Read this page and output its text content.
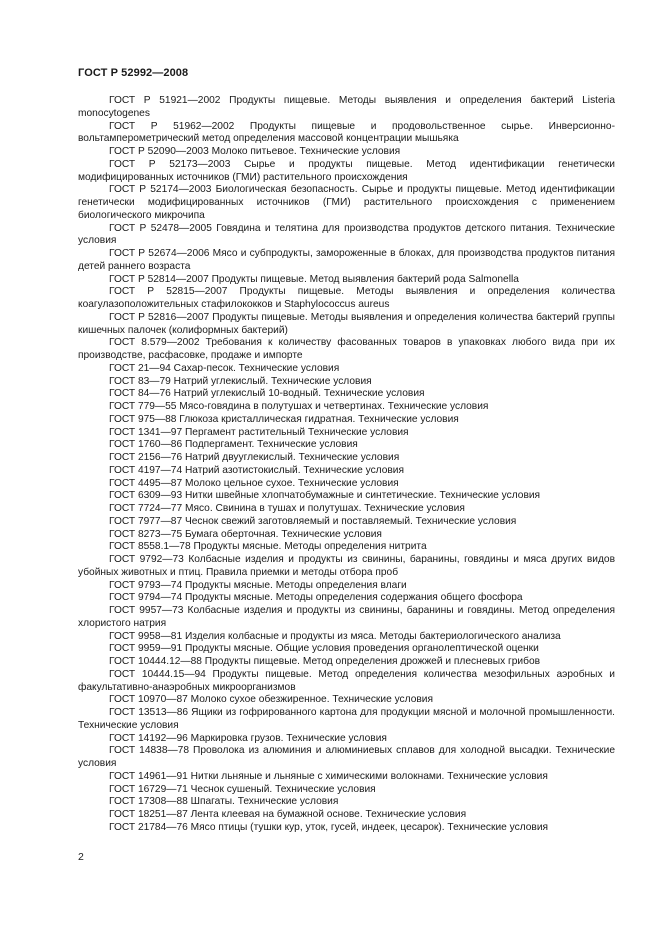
ГОСТ Р 52992—2008

ГОСТ Р 51921—2002 Продукты пищевые. Методы выявления и определения бактерий Listeria monocytogenes

ГОСТ Р 51962—2002 Продукты пищевые и продовольственное сырье. Инверсионно-вольтамперометрический метод определения массовой концентрации мышьяка

ГОСТ Р 52090—2003 Молоко питьевое. Технические условия

ГОСТ Р 52173—2003 Сырье и продукты пищевые. Метод идентификации генетически модифицированных источников (ГМИ) растительного происхождения

ГОСТ Р 52174—2003 Биологическая безопасность. Сырье и продукты пищевые. Метод идентификации генетически модифицированных источников (ГМИ) растительного происхождения с применением биологического микрочипа

ГОСТ Р 52478—2005 Говядина и телятина для производства продуктов детского питания. Технические условия

ГОСТ Р 52674—2006 Мясо и субпродукты, замороженные в блоках, для производства продуктов питания детей раннего возраста

ГОСТ Р 52814—2007 Продукты пищевые. Метод выявления бактерий рода Salmonella

ГОСТ Р 52815—2007 Продукты пищевые. Методы выявления и определения количества коагулазоположительных стафилококков и Staphylococcus aureus

ГОСТ Р 52816—2007 Продукты пищевые. Методы выявления и определения количества бактерий группы кишечных палочек (колиформных бактерий)

ГОСТ 8.579—2002 Требования к количеству фасованных товаров в упаковках любого вида при их производстве, расфасовке, продаже и импорте

ГОСТ 21—94 Сахар-песок. Технические условия

ГОСТ 83—79 Натрий углекислый. Технические условия

ГОСТ 84—76 Натрий углекислый 10-водный. Технические условия

ГОСТ 779—55 Мясо-говядина в полутушах и четвертинах. Технические условия

ГОСТ 975—88 Глюкоза кристаллическая гидратная. Технические условия

ГОСТ 1341—97 Пергамент растительный Технические условия

ГОСТ 1760—86 Подпергамент. Технические условия

ГОСТ 2156—76 Натрий двууглекислый. Технические условия

ГОСТ 4197—74 Натрий азотистокислый. Технические условия

ГОСТ 4495—87 Молоко цельное сухое. Технические условия

ГОСТ 6309—93 Нитки швейные хлопчатобумажные и синтетические. Технические условия

ГОСТ 7724—77 Мясо. Свинина в тушах и полутушах. Технические условия

ГОСТ 7977—87 Чеснок свежий заготовляемый и поставляемый. Технические условия

ГОСТ 8273—75 Бумага оберточная. Технические условия

ГОСТ 8558.1—78 Продукты мясные. Методы определения нитрита

ГОСТ 9792—73 Колбасные изделия и продукты из свинины, баранины, говядины и мяса других видов убойных животных и птиц. Правила приемки и методы отбора проб

ГОСТ 9793—74 Продукты мясные. Методы определения влаги

ГОСТ 9794—74 Продукты мясные. Методы определения содержания общего фосфора

ГОСТ 9957—73 Колбасные изделия и продукты из свинины, баранины и говядины. Метод определения хлористого натрия

ГОСТ 9958—81 Изделия колбасные и продукты из мяса. Методы бактериологического анализа

ГОСТ 9959—91 Продукты мясные. Общие условия проведения органолептической оценки

ГОСТ 10444.12—88 Продукты пищевые. Метод определения дрожжей и плесневых грибов

ГОСТ 10444.15—94 Продукты пищевые. Метод определения количества мезофильных аэробных и факультативно-анаэробных микроорганизмов

ГОСТ 10970—87 Молоко сухое обезжиренное. Технические условия

ГОСТ 13513—86 Ящики из гофрированного картона для продукции мясной и молочной промышленности. Технические условия

ГОСТ 14192—96 Маркировка грузов. Технические условия

ГОСТ 14838—78 Проволока из алюминия и алюминиевых сплавов для холодной высадки. Технические условия

ГОСТ 14961—91 Нитки льняные и льняные с химическими волокнами. Технические условия

ГОСТ 16729—71 Чеснок сушеный. Технические условия

ГОСТ 17308—88 Шпагаты. Технические условия

ГОСТ 18251—87 Лента клеевая на бумажной основе. Технические условия

ГОСТ 21784—76 Мясо птицы (тушки кур, уток, гусей, индеек, цесарок). Технические условия

2
